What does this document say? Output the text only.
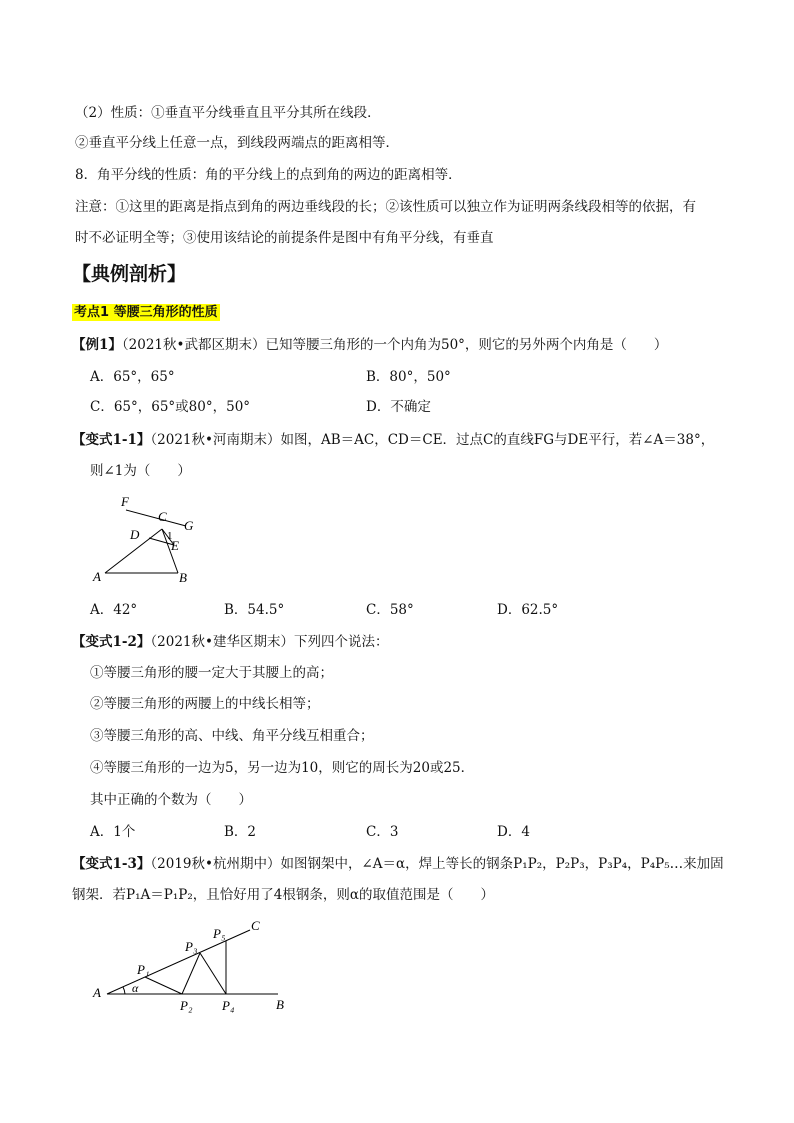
（2）性质：①垂直平分线垂直且平分其所在线段．
②垂直平分线上任意一点，到线段两端点的距离相等．
8．角平分线的性质：角的平分线上的点到角的两边的距离相等．
注意：①这里的距离是指点到角的两边垂线段的长；②该性质可以独立作为证明两条线段相等的依据，有
时不必证明全等；③使用该结论的前提条件是图中有角平分线，有垂直
【典例剖析】
考点1 等腰三角形的性质
【例1】（2021秋•武都区期末）已知等腰三角形的一个内角为50°，则它的另外两个内角是（　　）
A．65°，65°	B．80°，50°
C．65°，65°或80°，50°	D．不确定
【变式1-1】（2021秋•河南期末）如图，AB＝AC，CD＝CE．过点C的直线FG与DE平行，若∠A＝38°，
则∠1为（　　）
F
C
G
D	1
E
A	B
A．42°	B．54.5°	C．58°	D．62.5°
【变式1-2】（2021秋•建华区期末）下列四个说法：
①等腰三角形的腰一定大于其腰上的高；
②等腰三角形的两腰上的中线长相等；
③等腰三角形的高、中线、角平分线互相重合；
④等腰三角形的一边为5，另一边为10，则它的周长为20或25．
其中正确的个数为（　　）
A．1个	B．2	C．3	D．4
【变式1-3】（2019秋•杭州期中）如图钢架中，∠A＝α，焊上等长的钢条P₁P₂，P₂P₃，P₃P₄，P₄P₅…来加固
钢架．若P₁A＝P₁P₂，且恰好用了4根钢条，则α的取值范围是（　　）
C
P₅
P₃
P₁
A	α
P₂ P₄	B
